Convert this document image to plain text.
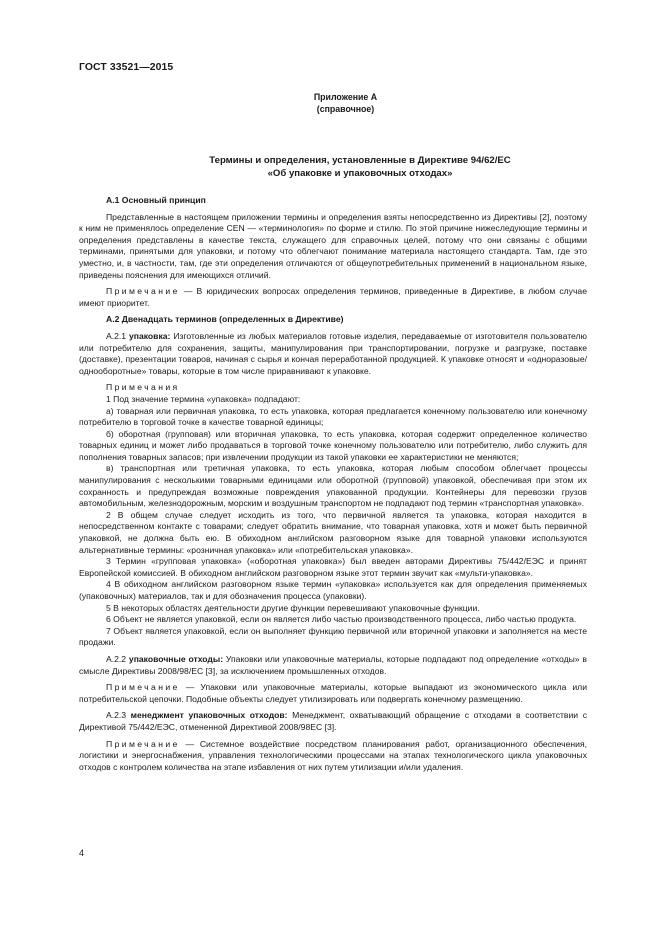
ГОСТ 33521—2015
Приложение А
(справочное)
Термины и определения, установленные в Директиве 94/62/ЕС
«Об упаковке и упаковочных отходах»

А.1 Основный принцип

Представленные в настоящем приложении термины и определения взяты непосредственно из Директивы [2], поэтому к ним не применялось определение CEN — «терминология» по форме и стилю. По этой причине нижеследующие термины и определения представлены в качестве текста, служащего для справочных целей, потому что они связаны с общими терминами, принятыми для упаковки, и потому что облегчают понимание материала настоящего стандарта. Там, где это уместно, и, в частности, там, где эти определения отличаются от общеупотребительных применений в национальном языке, приведены пояснения для имеющихся отличий.

Примечание — В юридических вопросах определения терминов, приведенные в Директиве, в любом случае имеют приоритет.

А.2 Двенадцать терминов (определенных в Директиве)

А.2.1 упаковка: Изготовленные из любых материалов готовые изделия, передаваемые от изготовителя пользователю или потребителю для сохранения, защиты, манипулирования при транспортировании, погрузке и разгрузке, поставке (доставке), презентации товаров, начиная с сырья и кончая переработанной продукцией. К упаковке относят и «одноразовые/однооборотные» товары, которые в том числе приравнивают к упаковке.

Примечания

1 Под значение термина «упаковка» подпадают:

а) товарная или первичная упаковка, то есть упаковка, которая предлагается конечному пользователю или конечному потребителю в торговой точке в качестве товарной единицы;

б) оборотная (групповая) или вторичная упаковка, то есть упаковка, которая содержит определенное количество товарных единиц и может либо продаваться в торговой точке конечному пользователю или потребителю, либо служить для пополнения товарных запасов; при извлечении продукции из такой упаковки ее характеристики не меняются;

в) транспортная или третичная упаковка, то есть упаковка, которая любым способом облегчает процессы манипулирования с несколькими товарными единицами или оборотной (групповой) упаковкой, обеспечивая при этом их сохранность и предупреждая возможные повреждения упакованной продукции. Контейнеры для перевозки грузов автомобильным, железнодорожным, морским и воздушным транспортом не подпадают под термин «транспортная упаковка».

2 В общем случае следует исходить из того, что первичной является та упаковка, которая находится в непосредственном контакте с товарами; следует обратить внимание, что товарная упаковка, хотя и может быть первичной упаковкой, не должна быть ею. В обиходном английском разговорном языке для товарной упаковки используются альтернативные термины: «розничная упаковка» или «потребительская упаковка».

3 Термин «групповая упаковка» («оборотная упаковка») был введен авторами Директивы 75/442/ЕЭС и принят Европейской комиссией. В обиходном английском разговорном языке этот термин звучит как «мульти-упаковка».

4 В обиходном английском разговорном языке термин «упаковка» используется как для определения применяемых (упаковочных) материалов, так и для обозначения процесса (упаковки).

5 В некоторых областях деятельности другие функции перевешивают упаковочные функции.

6 Объект не является упаковкой, если он является либо частью производственного процесса, либо частью продукта.

7 Объект является упаковкой, если он выполняет функцию первичной или вторичной упаковки и заполняется на месте продажи.

А.2.2 упаковочные отходы: Упаковки или упаковочные материалы, которые подпадают под определение «отходы» в смысле Директивы 2008/98/ЕС [3], за исключением промышленных отходов.

Примечание — Упаковки или упаковочные материалы, которые выпадают из экономического цикла или потребительской цепочки. Подобные объекты следует утилизировать или подвергать конечному размещению.

А.2.3 менеджмент упаковочных отходов: Менеджмент, охватывающий обращение с отходами в соответствии с Директивой 75/442/ЕЭС, отмененной Директивой 2008/98ЕС [3].

Примечание — Системное воздействие посредством планирования работ, организационного обеспечения, логистики и энергоснабжения, управления технологическими процессами на этапах технологического цикла упаковочных отходов с контролем количества на этапе избавления от них путем утилизации и/или удаления.

4
